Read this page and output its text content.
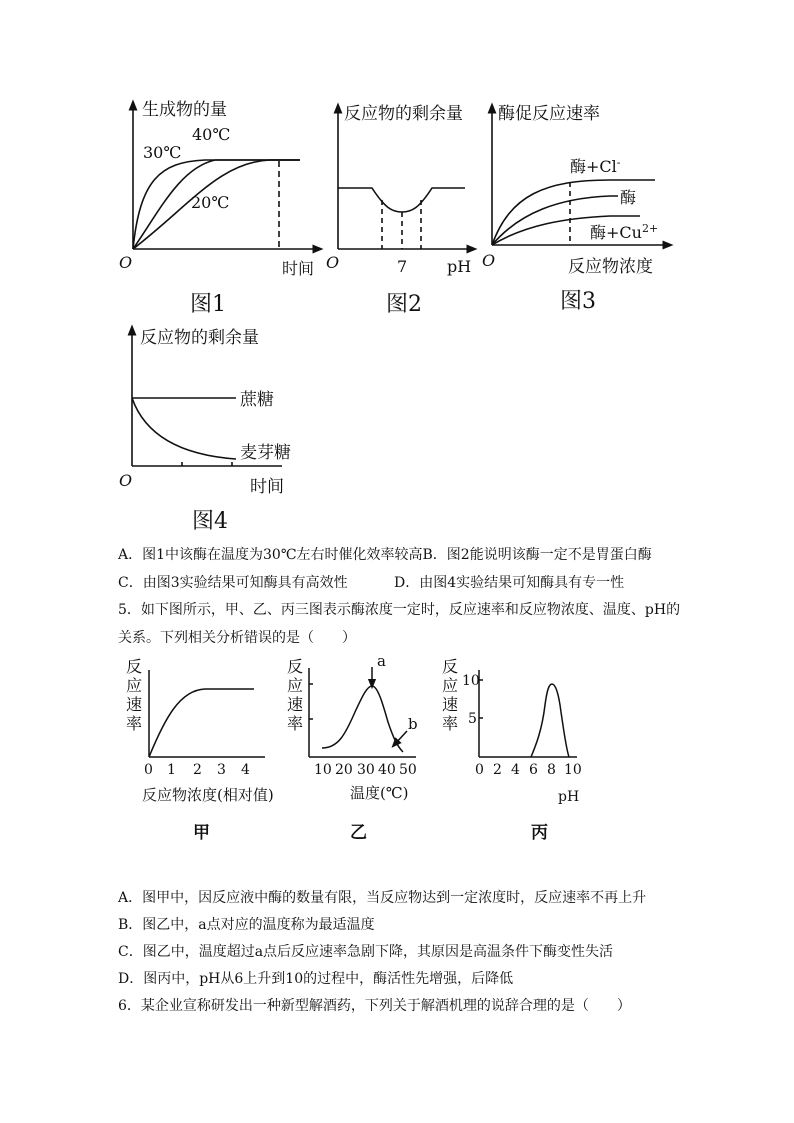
生成物的量
40℃
30℃
20℃
O	时间
图1
反应物的剩余量
O	7 pH
图2
酶促反应速率
酶+Cl-
酶
酶$+Cu^{2+}$
O	反应物浓度
图3
反应物的剩余量
蔗糖
麦芽糖
O	时间
图4
反
应
速
率
0 1 2 3 4
反应物浓度(相对值)
甲
反
应
速
率
a
b
10 20 30 40 50
温度(℃)
乙
反
应
速
率
10
5
0 2 4 6 8 10
pH
丙
A．图1中该酶在温度为30℃左右时催化效率较高B．图2能说明该酶一定不是胃蛋白酶
C．由图3实验结果可知酶具有高效性	D．由图4实验结果可知酶具有专一性
5．如下图所示，甲、乙、丙三图表示酶浓度一定时，反应速率和反应物浓度、温度、pH的
关系。下列相关分析错误的是（　　）
A．图甲中，因反应液中酶的数量有限，当反应物达到一定浓度时，反应速率不再上升
B．图乙中，a点对应的温度称为最适温度
C．图乙中，温度超过a点后反应速率急剧下降，其原因是高温条件下酶变性失活
D．图丙中，pH从6上升到10的过程中，酶活性先增强，后降低
6．某企业宣称研发出一种新型解酒药，下列关于解酒机理的说辞合理的是（　　）
